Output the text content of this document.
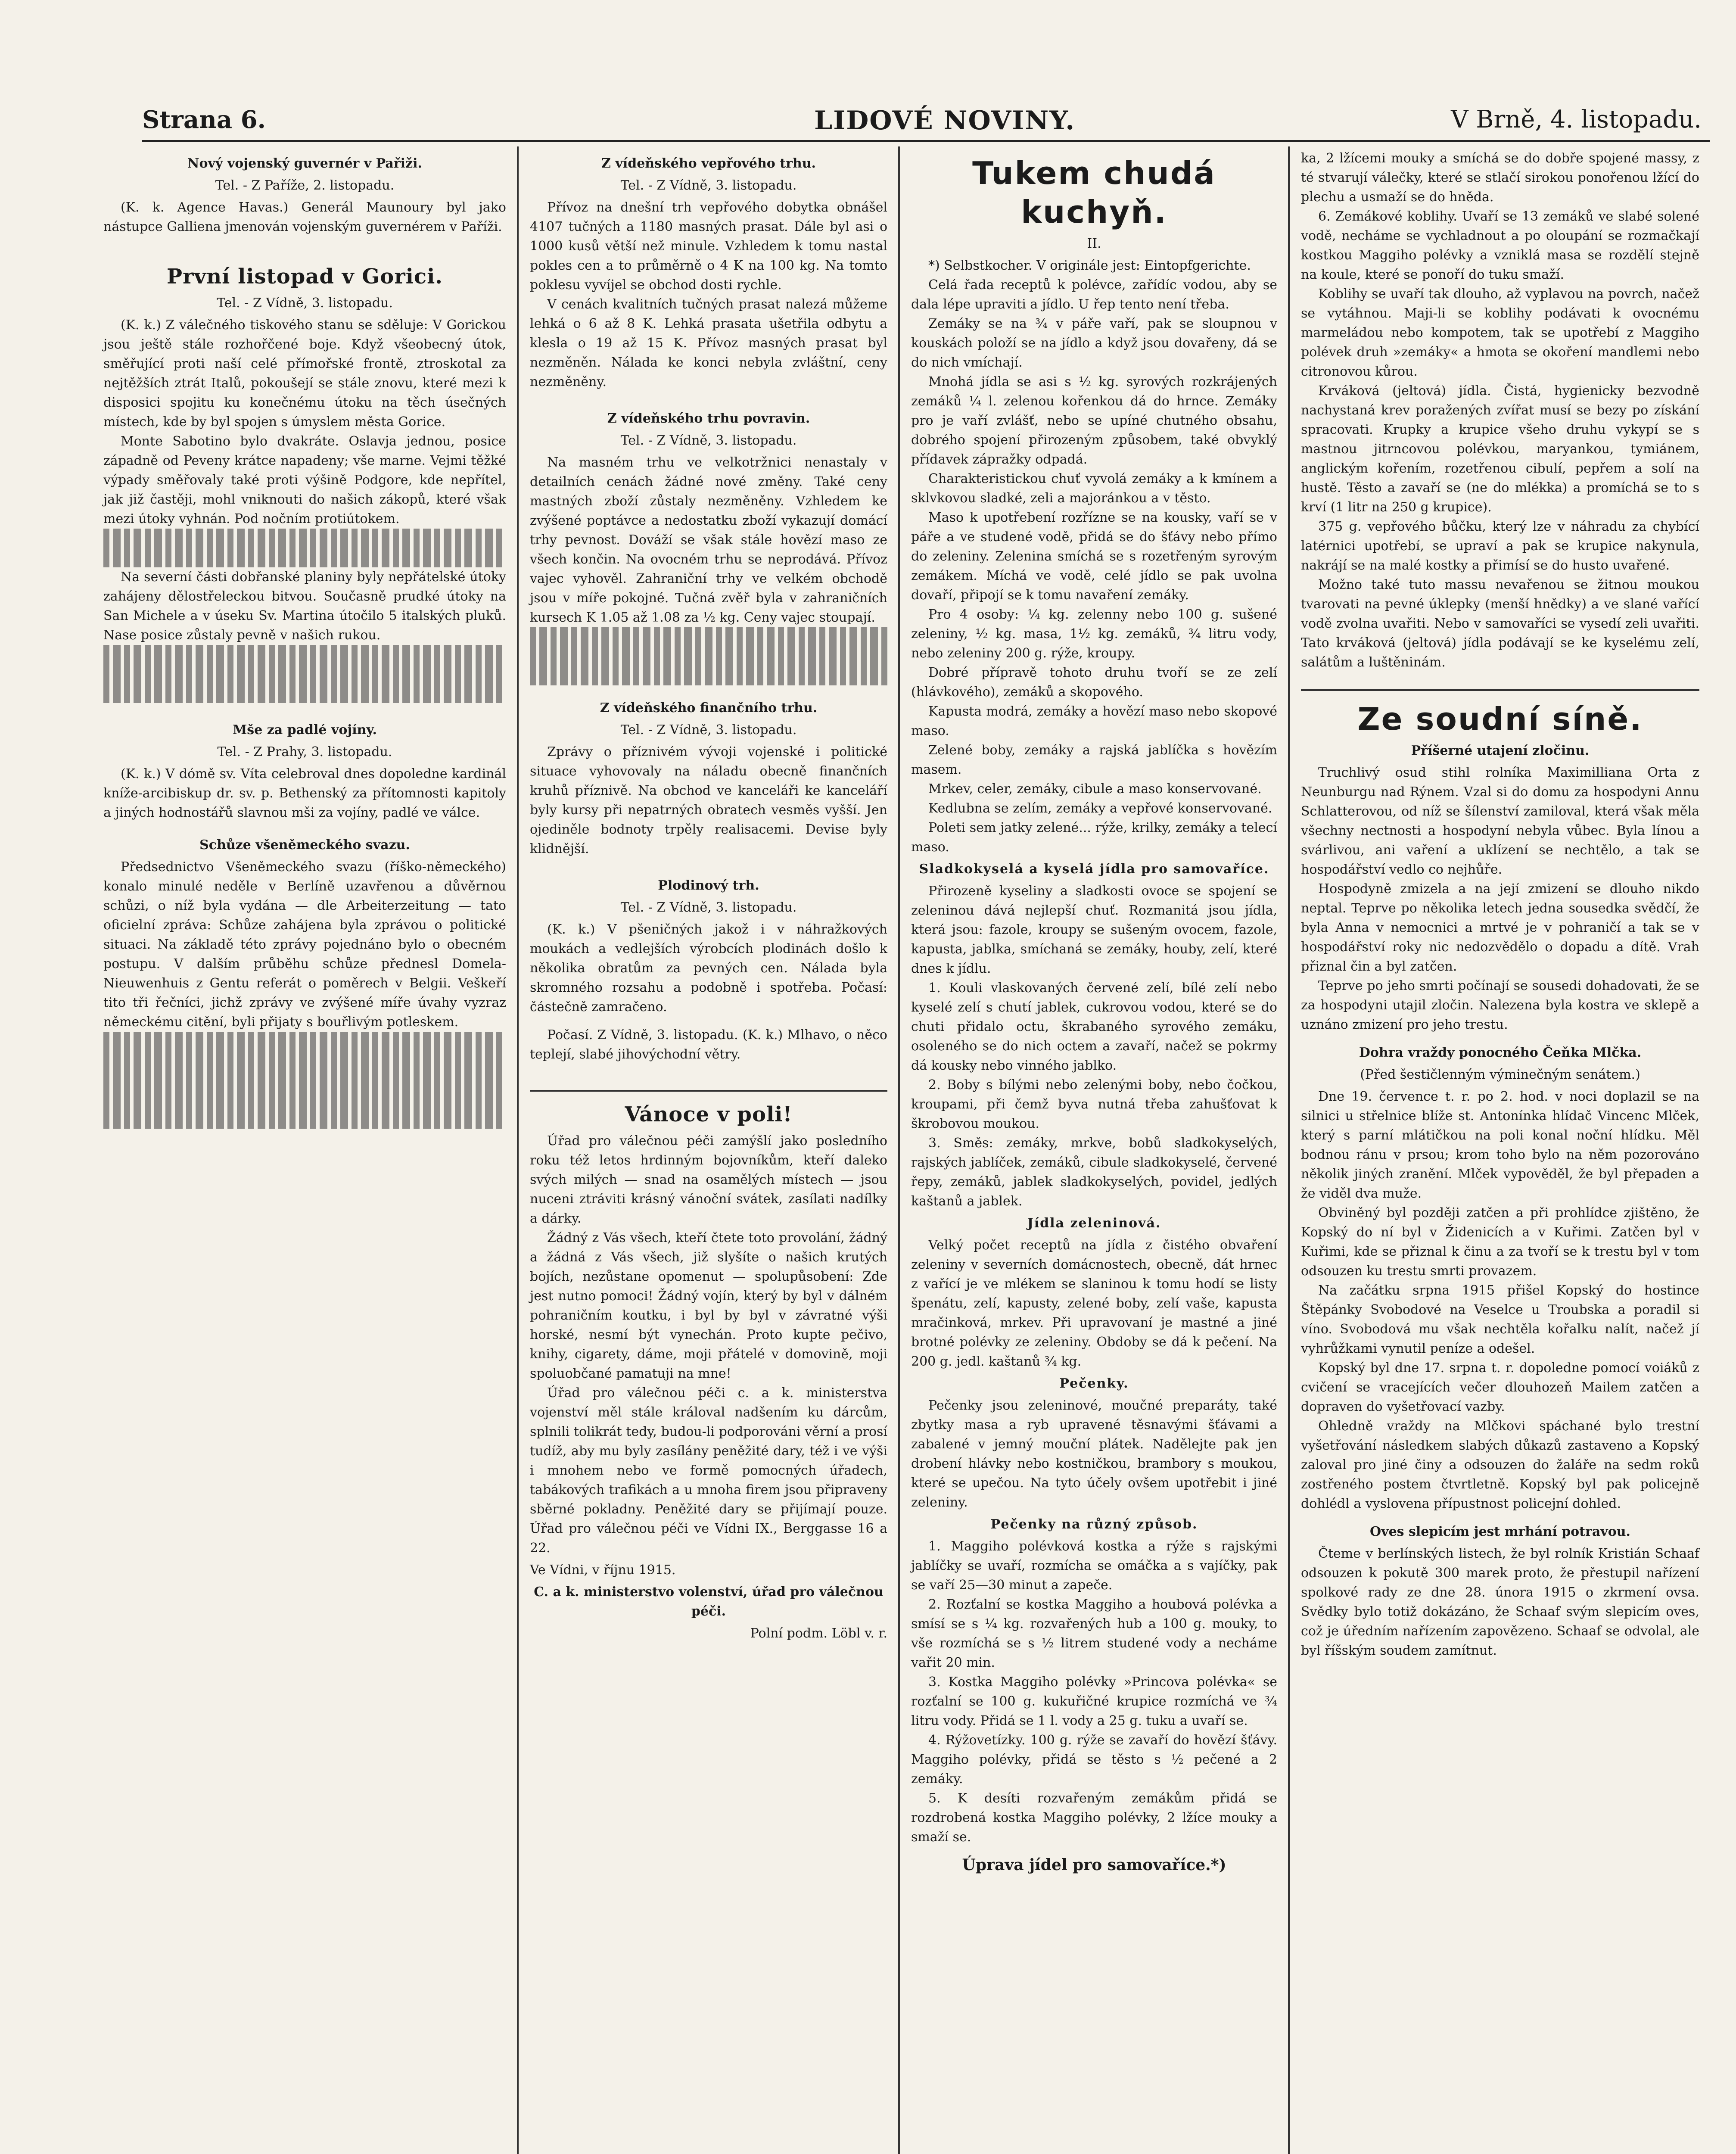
Strana 6.	LIDOVÉ NOVINY.	V Brně, 4. listopadu.
Nový vojenský guvernér v Pařiži.
Tel. - Z Paříže, 2. listopadu.

(K. k. Agence Havas.) Generál Maunoury byl jako nástupce Gallienа jmenován vojenským guvernérem v Paříži.

První listopad v Gorici.
Tel. - Z Vídně, 3. listopadu.

(K. k.) Z válečného tiskového stanu se sděluje: V Gorickou jsou ještě stále rozhořčené boje. Když všeobecný útok, směřující proti naší celé přímořské frontě, ztroskotal za nejtěžších ztrát Italů, pokoušejí se stále znovu, které mezi k disposici spojitu ku konečnému útoku na těch úsečných místech, kde by byl spojen s úmyslem města Gorice.

Monte Sabotino bylo dvakráte. Oslavja jednou, posice západně od Peveny krátce napadeny; vše marne. Vejmi těžké výpady směřovaly také proti výšině Podgore, kde nepřítel, jak již častěji, mohl vniknouti do našich zákopů, které však mezi útoky vyhnán. Pod nočním protiútokem.

Na severní části dobřanské planiny byly nepřátelské útoky zahájeny dělostřeleckou bitvou. Současně prudké útoky na San Michele a v úseku Sv. Martina útočilo 5 italských pluků. Nase posice zůstaly pevně v našich rukou.

Mše za padlé vojíny.
Tel. - Z Prahy, 3. listopadu.

(K. k.) V dómě sv. Víta celebroval dnes dopoledne kardinál kníže-arcibiskup dr. sv. p. Bethenský za přítomnosti kapitoly a jiných hodnostářů slavnou mši za vojíny, padlé ve válce.

Schůze všeněmeckého svazu.

Předsednictvo Všeněmeckého svazu (říško-německého) konalo minulé neděle v Berlíně uzavřenou a důvěrnou schůzi, o níž byla vydána — dle Arbeiterzeitung — tato oficielní zpráva: Schůze zahájena byla zprávou o politické situaci. Na základě této zprávy pojednáno bylo o obecném postupu. V dalším průběhu schůze přednesl Domela-Nieuwenhuis z Gentu referát o poměrech v Belgii. Veškeří tito tři řečníci, jichž zprávy ve zvýšené míře úvahy vyzraz německému citění, byli přijaty s bouřlivým potleskem.

Z vídeňského vepřového trhu.
Tel. - Z Vídně, 3. listopadu.

Přívoz na dnešní trh vepřového dobytka obnášel 4107 tučných a 1180 masných prasat. Dále byl asi o 1000 kusů větší než minule. Vzhledem k tomu nastal pokles cen a to průměrně o 4 K na 100 kg. Na tomto poklesu vyvíjel se obchod dosti rychle.

V cenách kvalitních tučných prasat nalezá můžeme lehká o 6 až 8 K. Lehká prasata ušetřila odbytu a klesla o 19 až 15 K. Přívoz masných prasat byl nezměněn. Nálada ke konci nebyla zvláštní, ceny nezměněny.

Z vídeňského trhu povravin.
Tel. - Z Vídně, 3. listopadu.

Na masném trhu ve velkotržnici nenastaly v detailních cenách žádné nové změny. Také ceny mastných zboží zůstaly nezměněny. Vzhledem ke zvýšené poptávce a nedostatku zboží vykazují domácí trhy pevnost. Dováží se však stále hovězí maso ze všech končin. Na ovocném trhu se neprodává. Přívoz vajec vyhověl. Zahraniční trhy ve velkém obchodě jsou v míře pokojné. Tučná zvěř byla v zahraničních kursech K 1.05 až 1.08 za ½ kg. Ceny vajec stoupají.

Z vídeňského finančního trhu.
Tel. - Z Vídně, 3. listopadu.

Zprávy o příznivém vývoji vojenské i politické situace vyhovovaly na náladu obecně finančních kruhů příznivě. Na obchod ve kanceláři ke kanceláří byly kursy při nepatrných obratech vesměs vyšší. Jen ojediněle bodnoty trpěly realisacemi. Devise byly klidnější.

Plodinový trh.
Tel. - Z Vídně, 3. listopadu.

(K. k.) V pšeničných jakož i v náhražkových moukách a vedlejších výrobcích plodinách došlo k několika obratům za pevných cen. Nálada byla skromného rozsahu a podobně i spotřeba. Počasí: částečně zamračeno.

Počasí. Z Vídně, 3. listopadu. (K. k.) Mlhavo, o něco teplejí, slabé jihovýchodní větry.

Vánoce v poli!

Úřad pro válečnou péči zamýšlí jako posledního roku též letos hrdinným bojovníkům, kteří daleko svých milých — snad na osamělých místech — jsou nuceni ztráviti krásný vánoční svátek, zasílati nadílky a dárky.

Žádný z Vás všech, kteří čtete toto provolání, žádný a žádná z Vás všech, již slyšíte o našich krutých bojích, nezůstane opomenut — spolupůsobení: Zde jest nutno pomoci! Žádný vojín, který by byl v dálném pohraničním koutku, i byl by byl v závratné výši horské, nesmí být vynechán. Proto kupte pečivo, knihy, cigarety, dáme, moji přátelé v domovině, moji spoluobčané pamatuji na mne!

Úřad pro válečnou péči c. a k. ministerstva vojenství měl stále královal nadšením ku dárcům, splnili tolikrát tedy, budou-li podporováni věrní a prosí tudíž, aby mu byly zasílány peněžité dary, též i ve výši i mnohem nebo ve formě pomocných úřadech, tabákových trafikách a u mnoha firem jsou připraveny sběrné pokladny. Peněžité dary se přijímají pouze. Úřad pro válečnou péči ve Vídni IX., Berggasse 16 a 22.

Ve Vídni, v říjnu 1915.
C. a k. ministerstvo volenství, úřad pro válečnou péči.
Polní podm. Löbl v. r.
Tukem chudá kuchyň.
II.

*) Selbstkocher. V originále jest: Eintopfgerichte.

Celá řada receptů k polévce, zařídíc vodou, aby se dala lépe upraviti a jídlo. U řep tento není třeba.

Zemáky se na ¾ v páře vaří, pak se sloupnou v kouskách položí se na jídlo a když jsou dovařeny, dá se do nich vmíchají.

Mnohá jídla se asi s ½ kg. syrových rozkrájených zemáků ¼ l. zelenou kořenkou dá do hrnce. Zemáky pro je vaří zvlášť, nebo se upíné chutného obsahu, dobrého spojení přirozeným způsobem, také obvyklý přídavek zápražky odpadá.

Charakteristickou chuť vyvolá zemáky a k kmínem a sklvkovou sladké, zeli a majoránkou a v těsto.

Maso k upotřebení rozřízne se na kousky, vaří se v páře a ve studené vodě, přidá se do šťávy nebo přímo do zeleniny. Zelenina smíchá se s rozetřeným syrovým zemákem. Míchá ve vodě, celé jídlo se pak uvolna dovaří, připojí se k tomu navaření zemáky.

Pro 4 osoby: ¼ kg. zelenny nebo 100 g. sušené zeleniny, ½ kg. masa, 1½ kg. zemáků, ¾ litru vody, nebo zeleniny 200 g. rýže, kroupy.

Dobré přípravě tohoto druhu tvoří se ze zelí (hlávkového), zemáků a skopového.

Kapusta modrá, zemáky a hovězí maso nebo skopové maso.

Zelené boby, zemáky a rajská jablíčka s hovězím masem.

Mrkev, celer, zemáky, cibule a maso konservované.

Kedlubna se zelím, zemáky a vepřové konservované.

Poleti sem jatky zelené... rýže, krilky, zemáky a telecí maso.

Sladkokyselá a kyselá jídla pro samovaříce.

Přirozeně kyseliny a sladkosti ovoce se spojení se zeleninou dává nejlepší chuť. Rozmanitá jsou jídla, která jsou: fazole, kroupy se sušeným ovocem, fazole, kapusta, jablka, smíchaná se zemáky, houby, zelí, které dnes k jídlu.

1. Kouli vlaskovaných červené zelí, bílé zelí nebo kyselé zelí s chutí jablek, cukrovou vodou, které se do chuti přidalo octu, škrabaného syrového zemáku, osoleného se do nich octem a zavaří, načež se pokrmy dá kousky nebo vinného jablko.

2. Boby s bílými nebo zelenými boby, nebo čočkou, kroupami, při čemž byva nutná třeba zahušťovat k škrobovou moukou.

3. Směs: zemáky, mrkve, bobů sladkokyselých, rajských jablíček, zemáků, cibule sladkokyselé, červené řepy, zemáků, jablek sladkokyselých, povidel, jedlých kaštanů a jablek.

Jídla zeleninová.

Velký počet receptů na jídla z čistého obvaření zeleniny v severních domácnostech, obecně, dát hrnec z vařící je ve mlékem se slaninou k tomu hodí se listy špenátu, zelí, kapusty, zelené boby, zelí vaše, kapusta mračinková, mrkev. Při upravovaní je mastné a jiné brotné polévky ze zeleniny. Obdoby se dá k pečení. Na 200 g. jedl. kaštanů ¾ kg.

Pečenky.

Pečenky jsou zeleninové, moučné preparáty, také zbytky masa a ryb upravené těsnavými šťávami a zabalené v jemný mouční plátek. Nadělejte pak jen drobení hlávky nebo kostničkou, brambory s moukou, které se upečou. Na tyto účely ovšem upotřebit i jiné zeleniny.

Pečenky na různý způsob.

1. Maggiho polévková kostka a rýže s rajskými jablíčky se uvaří, rozmícha se omáčka a s vajíčky, pak se vaří 25—30 minut a zapeče.

2. Rozťalní se kostka Maggiho a houbová polévka a smísí se s ¼ kg. rozvařených hub a 100 g. mouky, to vše rozmíchá se s ½ litrem studené vody a necháme vařit 20 min.

3. Kostka Maggiho polévky »Princova polévka« se rozťalní se 100 g. kukuřičné krupice rozmíchá ve ¾ litru vody. Přidá se 1 l. vody a 25 g. tuku a uvaří se.

4. Rýžovetízky. 100 g. rýže se zavaří do hovězí šťávy. Maggiho polévky, přidá se těsto s ½ pečené a 2 zemáky.

5. K desíti rozvařeným zemákům přidá se rozdrobená kostka Maggiho polévky, 2 lžíce mouky a smaží se.

Úprava jídel pro samovaříce.*)

ka, 2 lžícemi mouky a smíchá se do dobře spojené massy, z té stvarují válečky, které se stlačí sirokou ponořenou lžící do plechu a usmaží se do hněda.

6. Zemákové koblihy. Uvaří se 13 zemáků ve slabé solené vodě, necháme se vychladnout a po oloupání se rozmačkají kostkou Maggiho polévky a vzniklá masa se rozdělí stejně na koule, které se ponoří do tuku smaží.

Koblihy se uvaří tak dlouho, až vyplavou na povrch, načež se vytáhnou. Maji-li se koblihy podávati k ovocnému marmeládou nebo kompotem, tak se upotřebí z Maggiho polévek druh »zemáky« a hmota se okoření mandlemi nebo citronovou kůrou.

Krváková (jeltová) jídla. Čistá, hygienicky bezvodně nachystaná krev poražených zvířat musí se bezy po získání spracovati. Krupky a krupice všeho druhu vykypí se s mastnou jitrncovou polévkou, maryankou, tymiánem, anglickým kořením, rozetřenou cibulí, pepřem a solí na hustě. Těsto a zavaří se (ne do mlékka) a promíchá se to s krví (1 litr na 250 g krupice).

375 g. vepřového bůčku, který lze v náhradu za chybící latérnici upotřebí, se upraví a pak se krupice nakynula, nakrájí se na malé kostky a přimísí se do husto uvařené.

Možno také tuto massu nevařenou se žitnou moukou tvarovati na pevné úklepky (menší hnědky) a ve slané vařící vodě zvolna uvařiti. Nebo v samovaříci se vysedí zeli uvařiti. Tato krváková (jeltová) jídla podávají se ke kyselému zelí, salátům a luštěninám.

Ze soudní síně.
Příšerné utajení zločinu.

Truchlivý osud stihl rolníka Maximilliana Orta z Neunburgu nad Rýnem. Vzal si do domu za hospodyni Annu Schlatterovou, od níž se šílenství zamiloval, která však měla všechny nectnosti a hospodyní nebyla vůbec. Byla línou a svárlivou, ani vaření a uklízení se nechtělo, a tak se hospodářství vedlo co nejhůře.

Hospodyně zmizela a na její zmizení se dlouho nikdo neptal. Teprve po několika letech jedna sousedka svědčí, že byla Anna v nemocnici a mrtvé je v pohraničí a tak se v hospodářství roky nic nedozvědělo o dopadu a dítě. Vrah přiznal čin a byl zatčen.

Teprve po jeho smrti počínají se sousedi dohadovati, že se za hospodyni utajil zločin. Nalezena byla kostra ve sklepě a uznáno zmizení pro jeho trestu.

Dohra vraždy ponocného Čeňka Mlčka.
(Před šestičlenným výminečným senátem.)

Dne 19. července t. r. po 2. hod. v noci doplazil se na silnici u střelnice blíže st. Antonínka hlídač Vincenc Mlček, který s parní mlátičkou na poli konal noční hlídku. Měl bodnou ránu v prsou; krom toho bylo na něm pozorováno několik jiných zranění. Mlček vypověděl, že byl přepaden a že viděl dva muže.

Obviněný byl později zatčen a při prohlídce zjištěno, že Kopský do ní byl v Židenicích a v Kuřimi. Zatčen byl v Kuřimi, kde se přiznal k činu a za tvoří se k trestu byl v tom odsouzen ku trestu smrti provazem.

Na začátku srpna 1915 přišel Kopský do hostince Štěpánky Svobodové na Veselce u Troubska a poradil si víno. Svobodová mu však nechtěla kořalku nalít, načež jí vyhrůžkami vynutil peníze a odešel.

Kopský byl dne 17. srpna t. r. dopoledne pomocí voiáků z cvičení se vracejících večer dlouhozeň Mailem zatčen a dopraven do vyšetřovací vazby.

Ohledně vraždy na Mlčkovi spáchané bylo trestní vyšetřování následkem slabých důkazů zastaveno a Kopský zaloval pro jiné činy a odsouzen do žaláře na sedm roků zostřeného postem čtvrtletně. Kopský byl pak policejně dohlédl a vyslovena přípustnost policejní dohled.

Oves slepicím jest mrhání potravou.

Čteme v berlínských listech, že byl rolník Kristián Schaaf odsouzen k pokutě 300 marek proto, že přestupil nařízení spolkové rady ze dne 28. února 1915 o zkrmení ovsa. Svědky bylo totiž dokázáno, že Schaaf svým slepicím oves, což je úředním nařízením zapovězeno. Schaaf se odvolal, ale byl říšským soudem zamítnut.
